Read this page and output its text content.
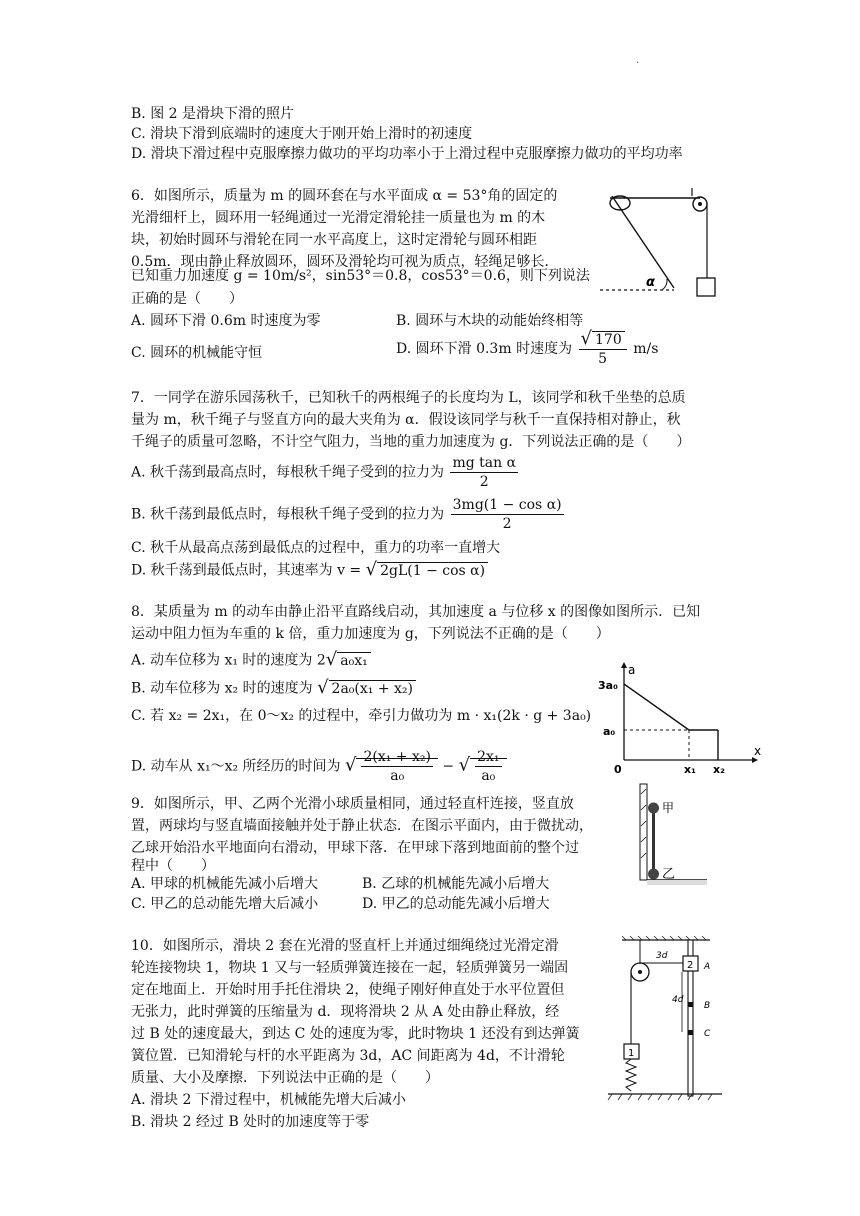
·
B. 图 2 是滑块下滑的照片
C. 滑块下滑到底端时的速度大于刚开始上滑时的初速度
D. 滑块下滑过程中克服摩擦力做功的平均功率小于上滑过程中克服摩擦力做功的平均功率
6．如图所示，质量为 m 的圆环套在与水平面成 α = 53°角的固定的
光滑细杆上，圆环用一轻绳通过一光滑定滑轮挂一质量也为 m 的木
块，初始时圆环与滑轮在同一水平高度上，这时定滑轮与圆环相距
0.5m．现由静止释放圆环，圆环及滑轮均可视为质点，轻绳足够长．
已知重力加速度 g = 10m/s²，sin53°＝0.8，cos53°＝0.6，则下列说法
正确的是（　　）
A. 圆环下滑 0.6m 时速度为零	B. 圆环与木块的动能始终相等
C. 圆环的机械能守恒	D. 圆环下滑 0.3m 时速度为 $\frac{√ 170}{5} m/s$
α
7．一同学在游乐园荡秋千，已知秋千的两根绳子的长度均为 L，该同学和秋千坐垫的总质
量为 m，秋千绳子与竖直方向的最大夹角为 α．假设该同学与秋千一直保持相对静止，秋
千绳子的质量可忽略，不计空气阻力，当地的重力加速度为 g．下列说法正确的是（　　）
A. 秋千荡到最高点时，每根秋千绳子受到的拉力为 $\frac{\text{mg tan α}}{2}$
B. 秋千荡到最低点时，每根秋千绳子受到的拉力为 $\frac{\text{3mg(1 − cos α)}}{2}$
C. 秋千从最高点荡到最低点的过程中，重力的功率一直增大
D. 秋千荡到最低点时，其速率为 v = √ 2gL(1 − cos α)
8．某质量为 m 的动车由静止沿平直路线启动，其加速度 a 与位移 x 的图像如图所示．已知
运动中阻力恒为车重的 k 倍，重力加速度为 g，下列说法不正确的是（　　）
A. 动车位移为 x₁ 时的速度为 2√ a₀x₁
B. 动车位移为 x₂ 时的速度为 √ 2a₀(x₁ + x₂)
C. 若 x₂ = 2x₁，在 0～x₂ 的过程中，牵引力做功为 m · x₁(2k · g + 3a₀)
D. 动车从 x₁～x₂ 所经历的时间为 √ $\frac{\text{2(x₁ + x₂)}}{\text{a₀}}$ − √ $\frac{\text{2x₁}}{\text{a₀}}$
a
x
3a₀
a₀
0	x₁ x₂
9．如图所示，甲、乙两个光滑小球质量相同，通过轻直杆连接，竖直放
置，两球均与竖直墙面接触并处于静止状态．在图示平面内，由于微扰动，
乙球开始沿水平地面向右滑动，甲球下落．在甲球下落到地面前的整个过
程中（　　）
A. 甲球的机械能先减小后增大	B. 乙球的机械能先减小后增大
C. 甲乙的总动能先增大后减小	D. 甲乙的总动能先减小后增大
甲
乙
10．如图所示，滑块 2 套在光滑的竖直杆上并通过细绳绕过光滑定滑
轮连接物块 1，物块 1 又与一轻质弹簧连接在一起，轻质弹簧另一端固
定在地面上．开始时用手托住滑块 2，使绳子刚好伸直处于水平位置但
无张力，此时弹簧的压缩量为 d．现将滑块 2 从 A 处由静止释放，经
过 B 处的速度最大，到达 C 处的速度为零，此时物块 1 还没有到达弹簧
簧位置．已知滑轮与杆的水平距离为 3d，AC 间距离为 4d，不计滑轮
质量、大小及摩擦．下列说法中正确的是（　　）
A. 滑块 2 下滑过程中，机械能先增大后减小
B. 滑块 2 经过 B 处时的加速度等于零
2 A
B
C
3d
4d
1
